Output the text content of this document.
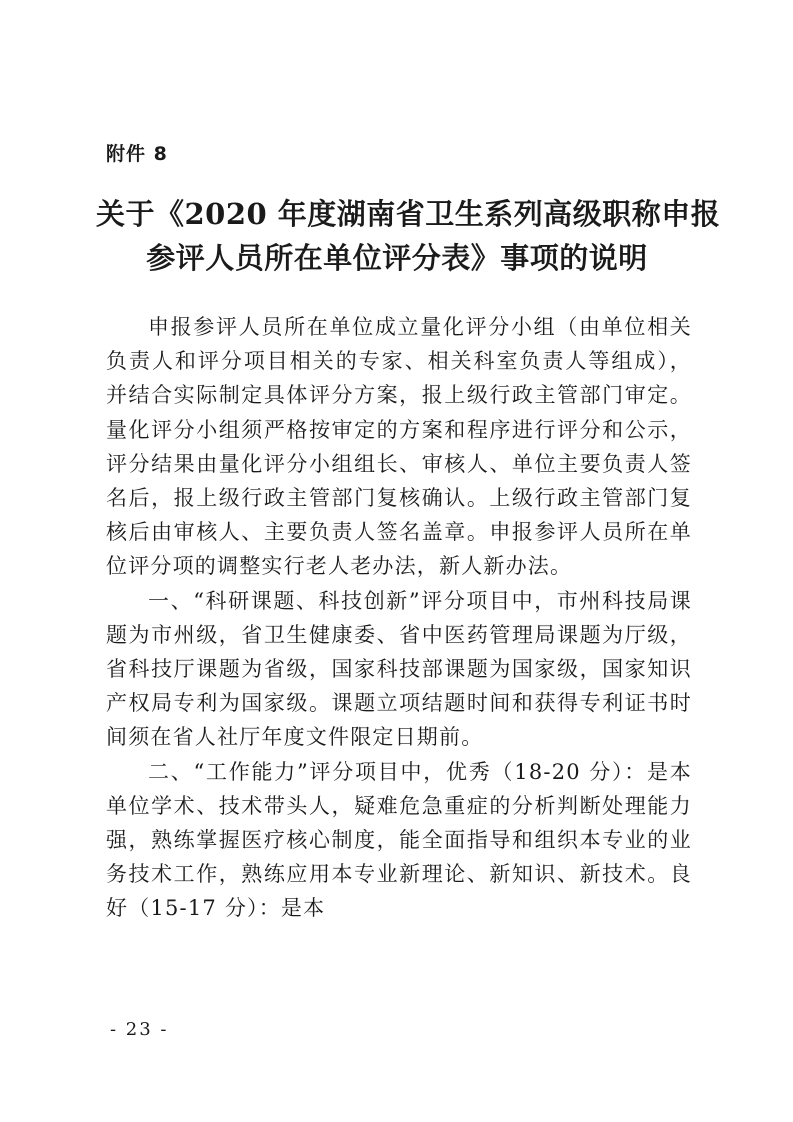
附件 8
关于《2020 年度湖南省卫生系列高级职称申报
参评人员所在单位评分表》事项的说明

申报参评人员所在单位成立量化评分小组（由单位相关负责人和评分项目相关的专家、相关科室负责人等组成），并结合实际制定具体评分方案，报上级行政主管部门审定。量化评分小组须严格按审定的方案和程序进行评分和公示，评分结果由量化评分小组组长、审核人、单位主要负责人签名后，报上级行政主管部门复核确认。上级行政主管部门复核后由审核人、主要负责人签名盖章。申报参评人员所在单位评分项的调整实行老人老办法，新人新办法。

一、“科研课题、科技创新”评分项目中，市州科技局课题为市州级，省卫生健康委、省中医药管理局课题为厅级，省科技厅课题为省级，国家科技部课题为国家级，国家知识产权局专利为国家级。课题立项结题时间和获得专利证书时间须在省人社厅年度文件限定日期前。

二、“工作能力”评分项目中，优秀（18-20 分）：是本单位学术、技术带头人，疑难危急重症的分析判断处理能力强，熟练掌握医疗核心制度，能全面指导和组织本专业的业务技术工作，熟练应用本专业新理论、新知识、新技术。良好（15-17 分）：是本

- 23 -
